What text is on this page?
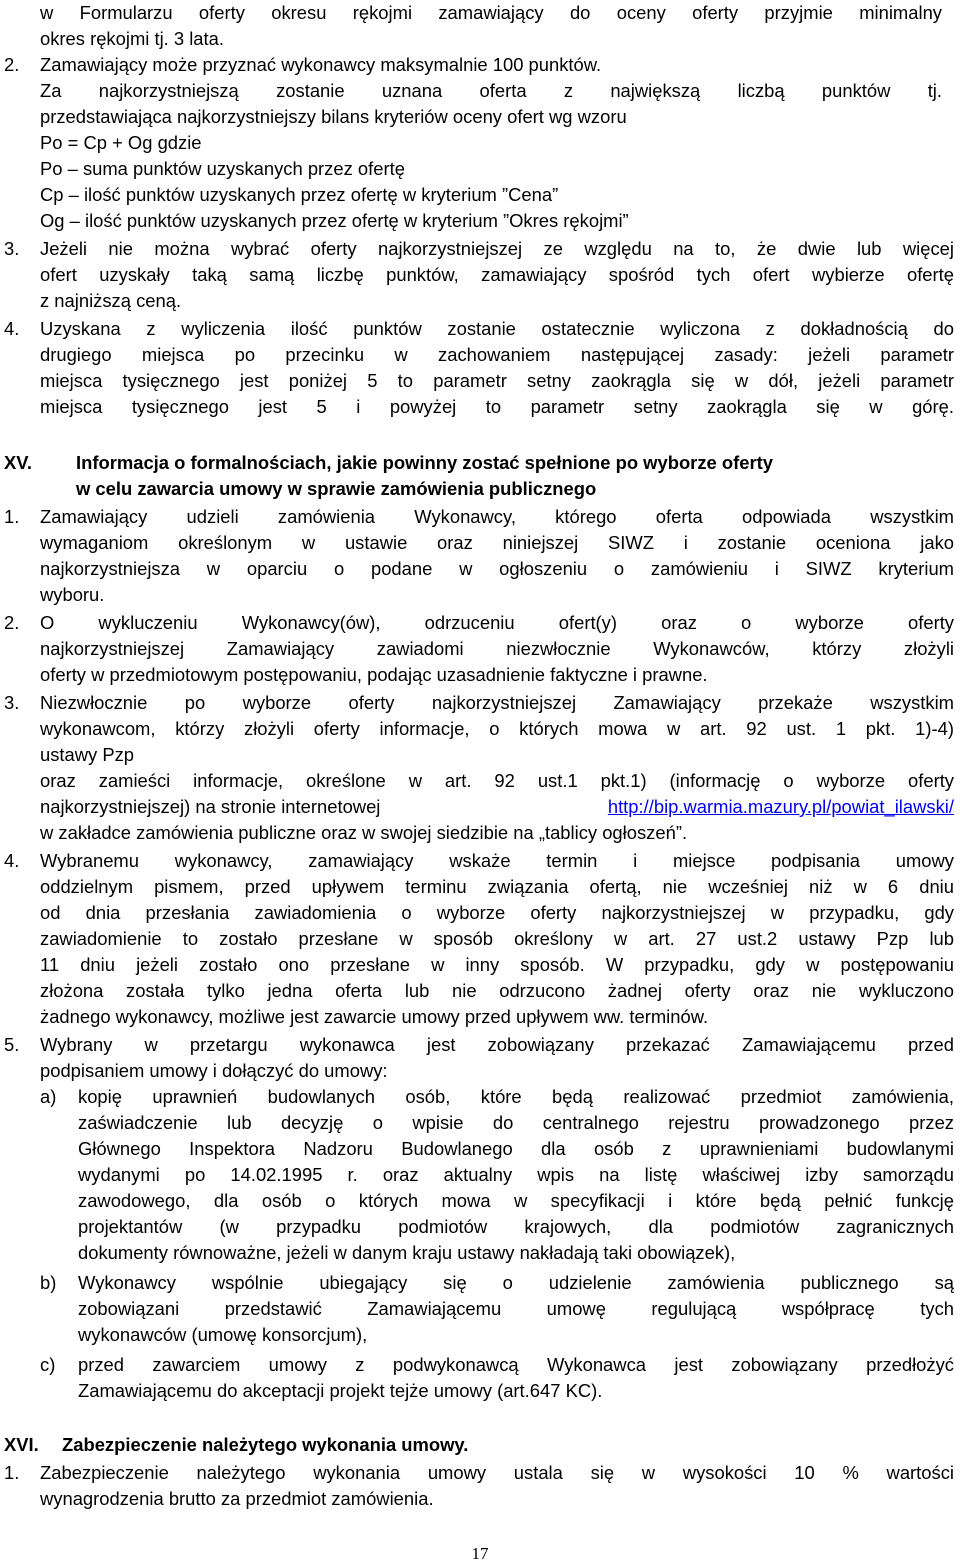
w Formularzu oferty okresu rękojmi zamawiający do oceny oferty przyjmie minimalny
okres rękojmi tj. 3 lata.
2. Zamawiający może przyznać wykonawcy maksymalnie 100 punktów.
Za najkorzystniejszą zostanie uznana oferta z największą liczbą punktów tj.
przedstawiająca najkorzystniejszy bilans kryteriów oceny ofert wg wzoru
Po = Cp + Og gdzie
Po – suma punktów uzyskanych przez ofertę
Cp – ilość punktów uzyskanych przez ofertę w kryterium ”Cena”
Og – ilość punktów uzyskanych przez ofertę w kryterium ”Okres rękojmi”
3. Jeżeli nie można wybrać oferty najkorzystniejszej ze względu na to, że dwie lub więcej
ofert uzyskały taką samą liczbę punktów, zamawiający spośród tych ofert wybierze ofertę
z najniższą ceną.
4. Uzyskana z wyliczenia ilość punktów zostanie ostatecznie wyliczona z dokładnością do
drugiego miejsca po przecinku w zachowaniem następującej zasady: jeżeli parametr
miejsca tysięcznego jest poniżej 5 to parametr setny zaokrągla się w dół, jeżeli parametr
miejsca tysięcznego jest 5 i powyżej to parametr setny zaokrągla się w górę.
XV. Informacja o formalnościach, jakie powinny zostać spełnione po wyborze oferty
w celu zawarcia umowy w sprawie zamówienia publicznego
1. Zamawiający udzieli zamówienia Wykonawcy, którego oferta odpowiada wszystkim
wymaganiom określonym w ustawie oraz niniejszej SIWZ i zostanie oceniona jako
najkorzystniejsza w oparciu o podane w ogłoszeniu o zamówieniu i SIWZ kryterium
wyboru.
2. O wykluczeniu Wykonawcy(ów), odrzuceniu ofert(y) oraz o wyborze oferty
najkorzystniejszej Zamawiający zawiadomi niezwłocznie Wykonawców, którzy złożyli
oferty w przedmiotowym postępowaniu, podając uzasadnienie faktyczne i prawne.
3. Niezwłocznie po wyborze oferty najkorzystniejszej Zamawiający przekaże wszystkim
wykonawcom, którzy złożyli oferty informacje, o których mowa w art. 92 ust. 1 pkt. 1)-4)
ustawy Pzp
oraz zamieści informacje, określone w art. 92 ust.1 pkt.1) (informację o wyborze oferty
najkorzystniejszej) na stronie internetowej	http://bip.warmia.mazury.pl/powiat_ilawski/
w zakładce zamówienia publiczne oraz w swojej siedzibie na „tablicy ogłoszeń”.
4. Wybranemu wykonawcy, zamawiający wskaże termin i miejsce podpisania umowy
oddzielnym pismem, przed upływem terminu związania ofertą, nie wcześniej niż w 6 dniu
od dnia przesłania zawiadomienia o wyborze oferty najkorzystniejszej w przypadku, gdy
zawiadomienie to zostało przesłane w sposób określony w art. 27 ust.2 ustawy Pzp lub
11 dniu jeżeli zostało ono przesłane w inny sposób. W przypadku, gdy w postępowaniu
złożona została tylko jedna oferta lub nie odrzucono żadnej oferty oraz nie wykluczono
żadnego wykonawcy, możliwe jest zawarcie umowy przed upływem ww. terminów.
5. Wybrany w przetargu wykonawca jest zobowiązany przekazać Zamawiającemu przed
podpisaniem umowy i dołączyć do umowy:
a) kopię uprawnień budowlanych osób, które będą realizować przedmiot zamówienia,
zaświadczenie lub decyzję o wpisie do centralnego rejestru prowadzonego przez
Głównego Inspektora Nadzoru Budowlanego dla osób z uprawnieniami budowlanymi
wydanymi po 14.02.1995 r. oraz aktualny wpis na listę właściwej izby samorządu
zawodowego, dla osób o których mowa w specyfikacji i które będą pełnić funkcję
projektantów (w przypadku podmiotów krajowych, dla podmiotów zagranicznych
dokumenty równoważne, jeżeli w danym kraju ustawy nakładają taki obowiązek),
b) Wykonawcy wspólnie ubiegający się o udzielenie zamówienia publicznego są
zobowiązani przedstawić Zamawiającemu umowę regulującą współpracę tych
wykonawców (umowę konsorcjum),
c) przed zawarciem umowy z podwykonawcą Wykonawca jest zobowiązany przedłożyć
Zamawiającemu do akceptacji projekt tejże umowy (art.647 KC).
XVI. Zabezpieczenie należytego wykonania umowy.
1. Zabezpieczenie należytego wykonania umowy ustala się w wysokości 10 % wartości
wynagrodzenia brutto za przedmiot zamówienia.
17
